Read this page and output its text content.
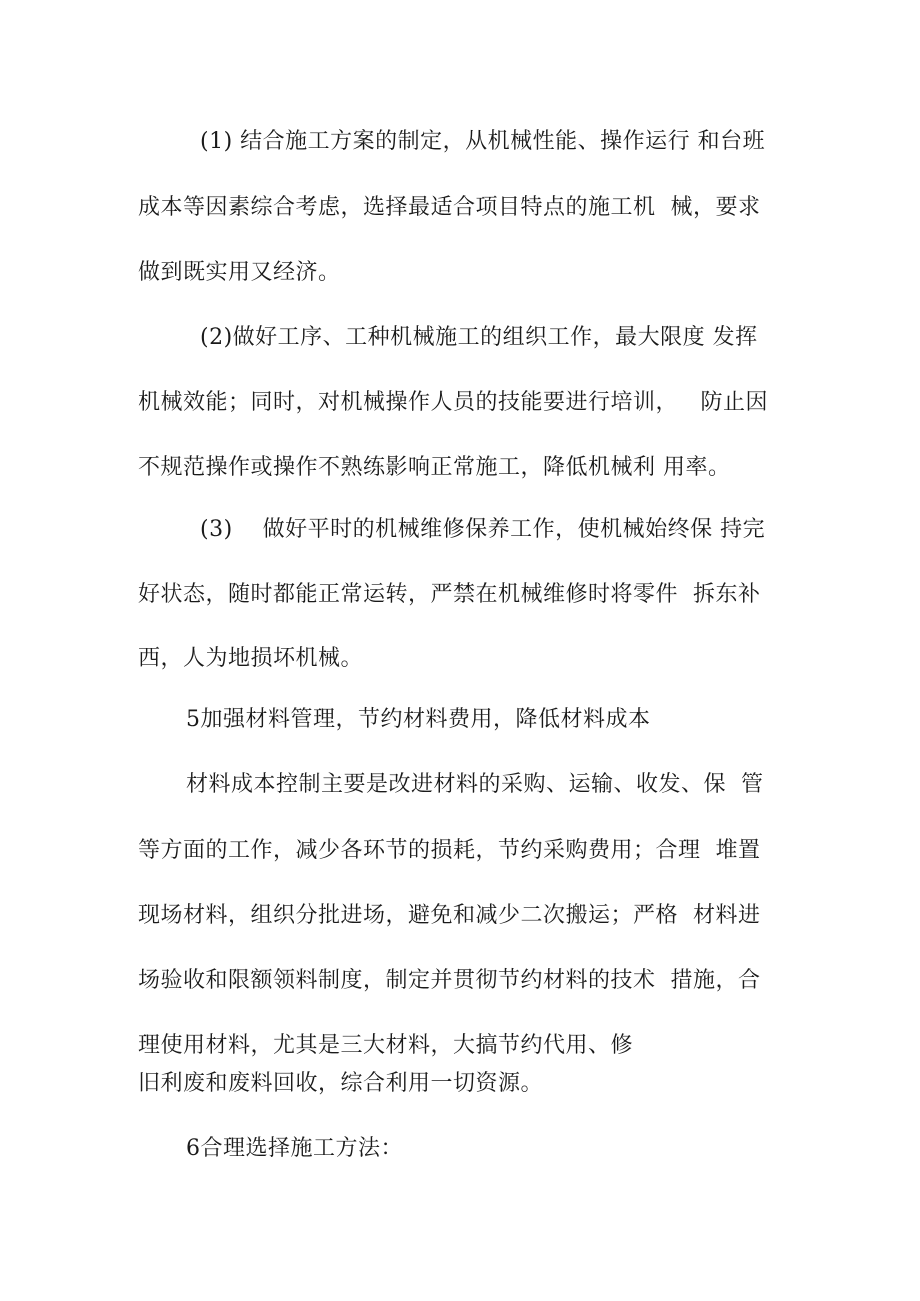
(1) 结合施工方案的制定，从机械性能、操作运行 和台班
成本等因素综合考虑，选择最适合项目特点的施工机  械，要求
做到既实用又经济。
(2)做好工序、工种机械施工的组织工作，最大限度 发挥
机械效能；同时，对机械操作人员的技能要进行培训，   防止因
不规范操作或操作不熟练影响正常施工，降低机械利 用率。
(3)    做好平时的机械维修保养工作，使机械始终保 持完
好状态，随时都能正常运转，严禁在机械维修时将零件  拆东补
西，人为地损坏机械。
5加强材料管理，节约材料费用，降低材料成本
材料成本控制主要是改进材料的采购、运输、收发、保  管
等方面的工作，减少各环节的损耗，节约采购费用；合理  堆置
现场材料，组织分批进场，避免和减少二次搬运；严格  材料进
场验收和限额领料制度，制定并贯彻节约材料的技术  措施，合
理使用材料，尤其是三大材料，大搞节约代用、修
旧利废和废料回收，综合利用一切资源。
6合理选择施工方法：
